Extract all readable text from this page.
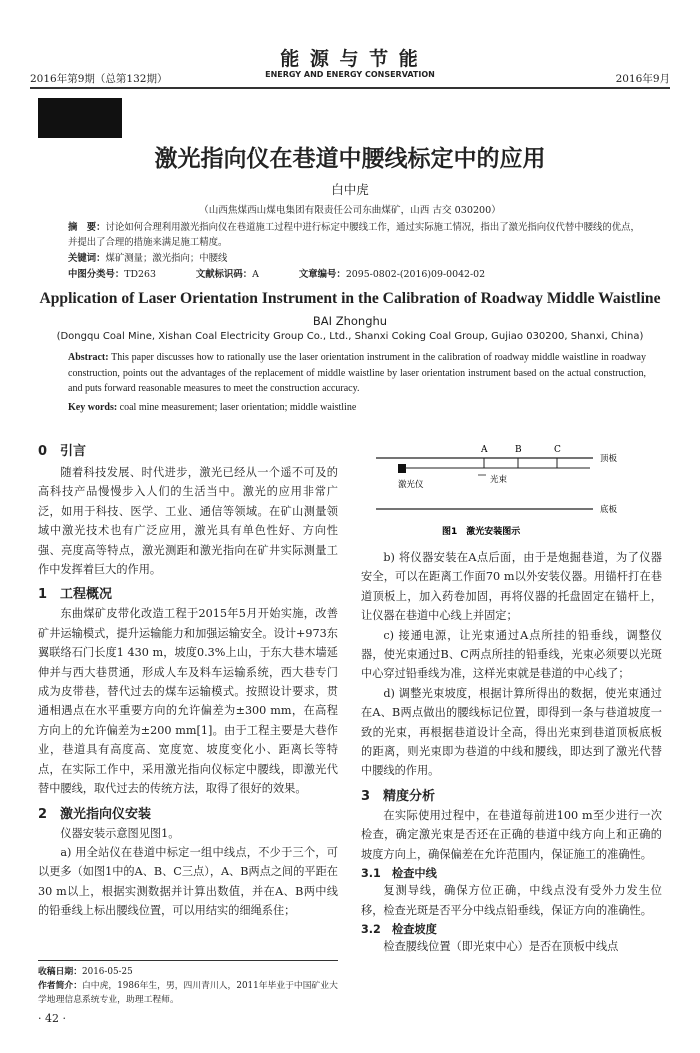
2016年第9期（总第132期）
能 源 与 节 能
ENERGY AND ENERGY CONSERVATION	2016年9月
激光指向仪在巷道中腰线标定中的应用
白中虎
（山西焦煤西山煤电集团有限责任公司东曲煤矿，山西 古交 030200）
摘　要：讨论如何合理利用激光指向仪在巷道施工过程中进行标定中腰线工作，通过实际施工情况，指出了激光指向仪代替中腰线的优点，并提出了合理的措施来满足施工精度。
关键词：煤矿测量；激光指向；中腰线
中图分类号：TD263	文献标识码：A	文章编号：2095-0802-(2016)09-0042-02
Application of Laser Orientation Instrument in the Calibration of Roadway Middle Waistline
BAI Zhonghu
(Dongqu Coal Mine, Xishan Coal Electricity Group Co., Ltd., Shanxi Coking Coal Group, Gujiao 030200, Shanxi, China)
Abstract: This paper discusses how to rationally use the laser orientation instrument in the calibration of roadway middle waistline in roadway construction, points out the advantages of the replacement of middle waistline by laser orientation instrument based on the actual construction, and puts forward reasonable measures to meet the construction accuracy.
Key words: coal mine measurement; laser orientation; middle waistline

0　引言

随着科技发展、时代进步，激光已经从一个遥不可及的高科技产品慢慢步入人们的生活当中。激光的应用非常广泛，如用于科技、医学、工业、通信等领域。在矿山测量领域中激光技术也有广泛应用，激光具有单色性好、方向性强、亮度高等特点，激光测距和激光指向在矿井实际测量工作中发挥着巨大的作用。

1　工程概况

东曲煤矿皮带化改造工程于2015年5月开始实施，改善矿井运输模式，提升运输能力和加强运输安全。设计+973东翼联络石门长度1 430 m，坡度0.3%上山，于东大巷木墙延伸并与西大巷贯通，形成人车及料车运输系统，西大巷专门成为皮带巷，替代过去的煤车运输模式。按照设计要求，贯通相遇点在水平重要方向的允许偏差为±300 mm，在高程方向上的允许偏差为±200 mm[1]。由于工程主要是大巷作业，巷道具有高度高、宽度宽、坡度变化小、距离长等特点，在实际工作中，采用激光指向仪标定中腰线，即激光代替中腰线，取代过去的传统方法，取得了很好的效果。

2　激光指向仪安装

仪器安装示意图见图1。

a) 用全站仪在巷道中标定一组中线点，不少于三个，可以更多（如图1中的A、B、C三点），A、B两点之间的平距在30 m以上，根据实测数据并计算出数值，并在A、B两中线的铅垂线上标出腰线位置，可以用结实的细绳系住；

收稿日期：2016-05-25
作者简介：白中虎，1986年生，男，四川青川人，2011年毕业于中国矿业大学地理信息系统专业，助理工程师。
· 42 ·
A	B	C
顶板
底板
激光仪	光束
图1　激光安装图示

b) 将仪器安装在A点后面，由于是炮掘巷道，为了仪器安全，可以在距离工作面70 m以外安装仪器。用锚杆打在巷道顶板上，加入药卷加固，再将仪器的托盘固定在锚杆上，让仪器在巷道中心线上并固定；

c) 接通电源，让光束通过A点所挂的铅垂线，调整仪器，使光束通过B、C两点所挂的铅垂线，光束必须要以光斑中心穿过铅垂线为准，这样光束就是巷道的中心线了；

d) 调整光束坡度，根据计算所得出的数据，使光束通过在A、B两点做出的腰线标记位置，即得到一条与巷道坡度一致的光束，再根据巷道设计全高，得出光束到巷道顶板底板的距离，则光束即为巷道的中线和腰线，即达到了激光代替中腰线的作用。

3　精度分析

在实际使用过程中，在巷道每前进100 m至少进行一次检查，确定激光束是否还在正确的巷道中线方向上和正确的坡度方向上，确保偏差在允许范围内，保证施工的准确性。

3.1　检查中线

复测导线，确保方位正确，中线点没有受外力发生位移，检查光斑是否平分中线点铅垂线，保证方向的准确性。

3.2　检查坡度

检查腰线位置（即光束中心）是否在顶板中线点
